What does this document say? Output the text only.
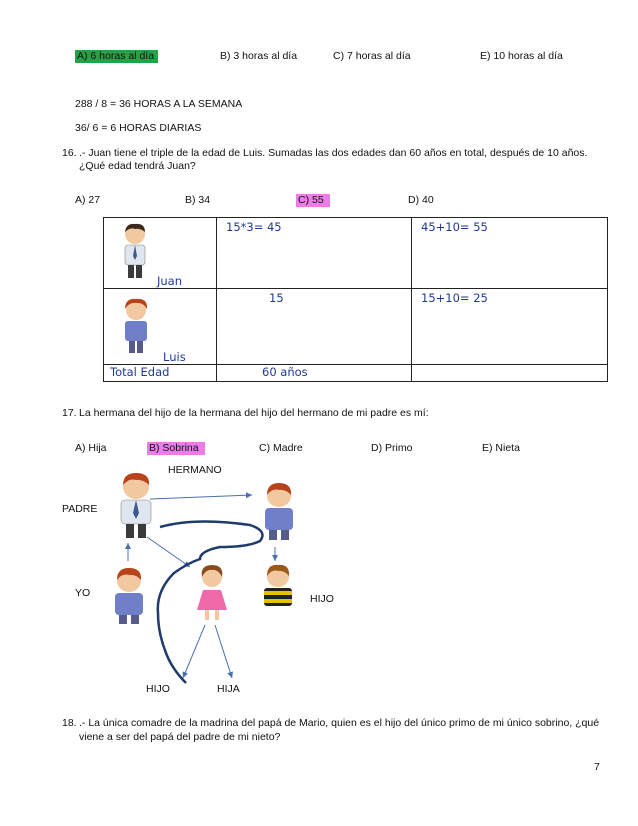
A) 6 horas al día	B) 3 horas al día	C) 7 horas al día	E) 10 horas al día
288 / 8 = 36 HORAS A LA SEMANA
36/ 6 = 6 HORAS DIARIAS
16. .- Juan tiene el triple de la edad de Luis. Sumadas las dos edades dan 60 años en total, después de 10 años.
¿Qué edad tendrá Juan?
A) 27	B) 34	C) 55	D) 40
Juan	15*3= 45	45+10= 55

Luis	15	15+10= 25

Total Edad	60 años	

17. La hermana del hijo de la hermana del hijo del hermano de mi padre es mí:
A) Hija	B) Sobrina	C) Madre	D) Primo	E) Nieta
HERMANO
PADRE
YO	HIJO
HIJO	HIJA
18. .- La única comadre de la madrina del papá de Mario, quien es el hijo del único primo de mi único sobrino, ¿qué
viene a ser del papá del padre de mi nieto?
7
